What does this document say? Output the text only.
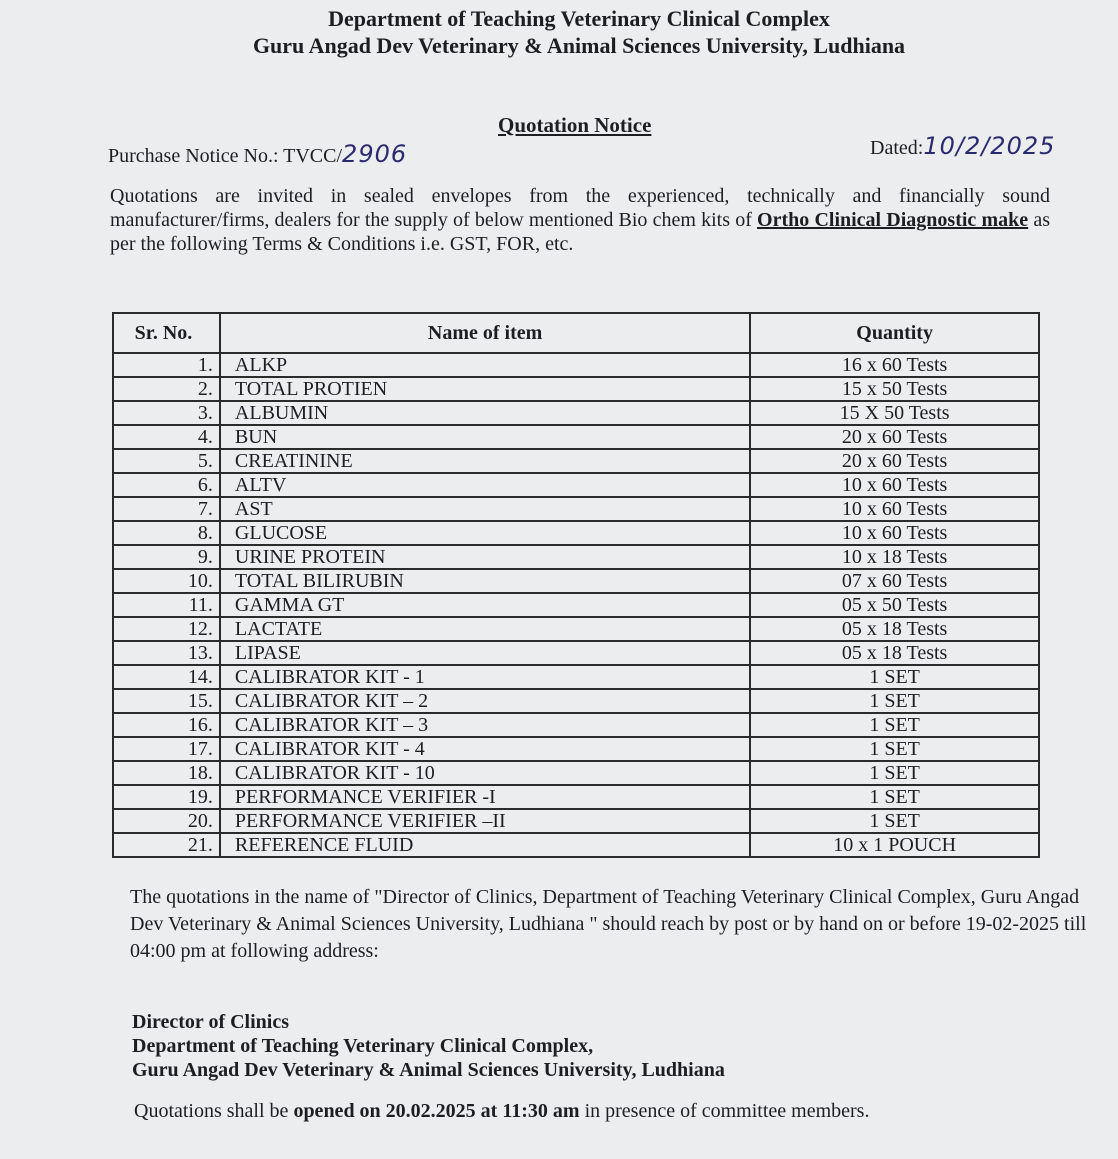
Department of Teaching Veterinary Clinical Complex
Guru Angad Dev Veterinary & Animal Sciences University, Ludhiana
Quotation Notice
Purchase Notice No.: TVCC/2906	Dated:10/2/2025
Quotations are invited in sealed envelopes from the experienced, technically and financially sound manufacturer/firms, dealers for the supply of below mentioned Bio chem kits of Ortho Clinical Diagnostic make as per the following Terms & Conditions i.e. GST, FOR, etc.
Sr. No.	Name of item	Quantity
1.	ALKP	16 x 60 Tests
2.	TOTAL PROTIEN	15 x 50 Tests
3.	ALBUMIN	15 X 50 Tests
4.	BUN	20 x 60 Tests
5.	CREATININE	20 x 60 Tests
6.	ALTV	10 x 60 Tests
7.	AST	10 x 60 Tests
8.	GLUCOSE	10 x 60 Tests
9.	URINE PROTEIN	10 x 18 Tests
10.	TOTAL BILIRUBIN	07 x 60 Tests
11.	GAMMA GT	05 x 50 Tests
12.	LACTATE	05 x 18 Tests
13.	LIPASE	05 x 18 Tests
14.	CALIBRATOR KIT - 1	1 SET
15.	CALIBRATOR KIT – 2	1 SET
16.	CALIBRATOR KIT – 3	1 SET
17.	CALIBRATOR KIT - 4	1 SET
18.	CALIBRATOR KIT - 10	1 SET
19.	PERFORMANCE VERIFIER -I	1 SET
20.	PERFORMANCE VERIFIER –II	1 SET
21.	REFERENCE FLUID	10 x 1 POUCH
The quotations in the name of "Director of Clinics, Department of Teaching Veterinary Clinical Complex, Guru Angad Dev Veterinary & Animal Sciences University, Ludhiana " should reach by post or by hand on or before 19-02-2025 till 04:00 pm at following address:
Director of Clinics
Department of Teaching Veterinary Clinical Complex,
Guru Angad Dev Veterinary & Animal Sciences University, Ludhiana
Quotations shall be opened on 20.02.2025 at 11:30 am in presence of committee members.
